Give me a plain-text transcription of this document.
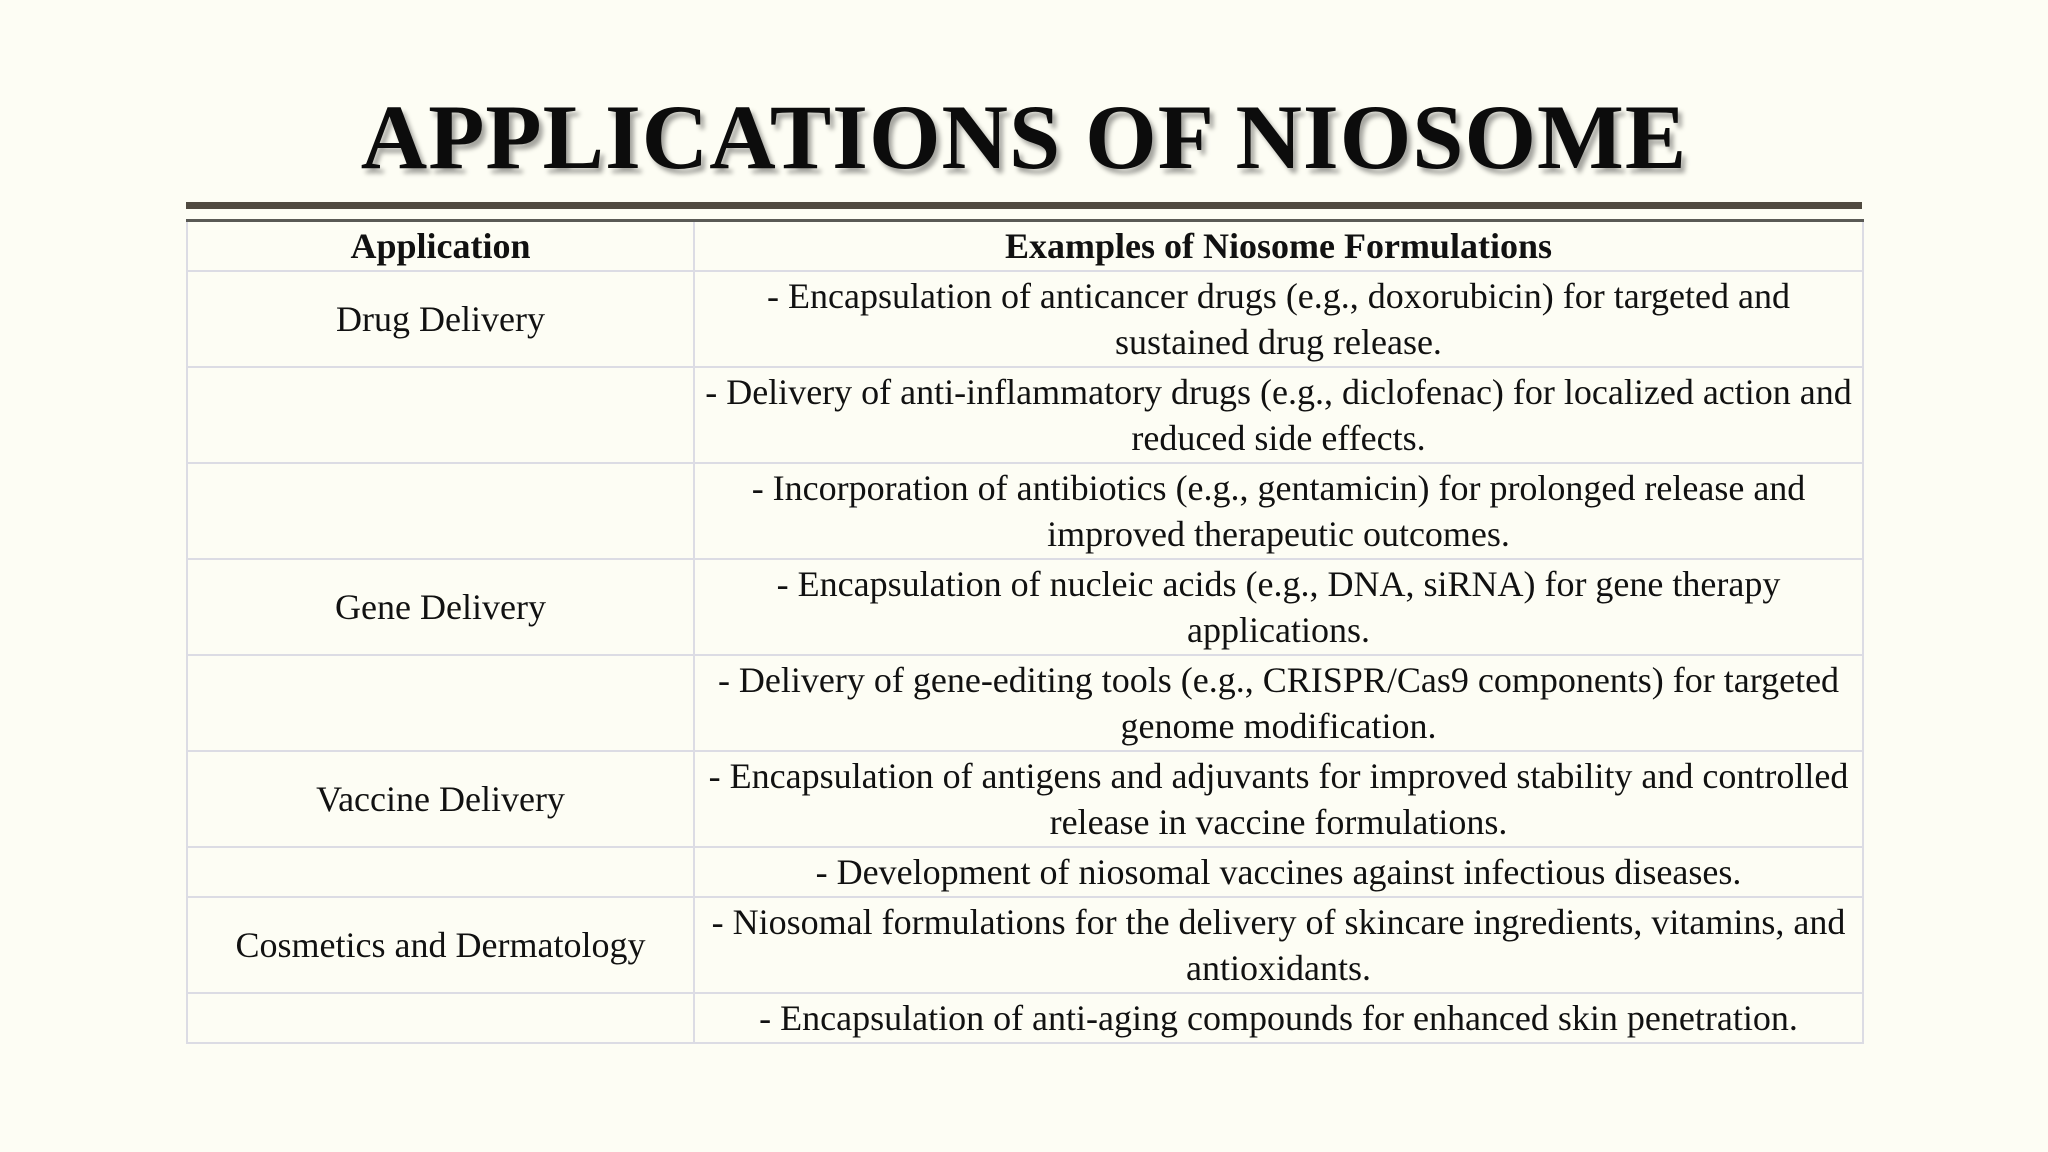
APPLICATIONS OF NIOSOME
Application	Examples of Niosome Formulations
Drug Delivery	- Encapsulation of anticancer drugs (e.g., doxorubicin) for targeted and sustained drug release.
	- Delivery of anti-inflammatory drugs (e.g., diclofenac) for localized action and reduced side effects.
	- Incorporation of antibiotics (e.g., gentamicin) for prolonged release and improved therapeutic outcomes.
Gene Delivery	- Encapsulation of nucleic acids (e.g., DNA, siRNA) for gene therapy applications.
	- Delivery of gene-editing tools (e.g., CRISPR/Cas9 components) for targeted genome modification.
Vaccine Delivery	- Encapsulation of antigens and adjuvants for improved stability and controlled release in vaccine formulations.
	- Development of niosomal vaccines against infectious diseases.
Cosmetics and Dermatology	- Niosomal formulations for the delivery of skincare ingredients, vitamins, and antioxidants.
	- Encapsulation of anti-aging compounds for enhanced skin penetration.
